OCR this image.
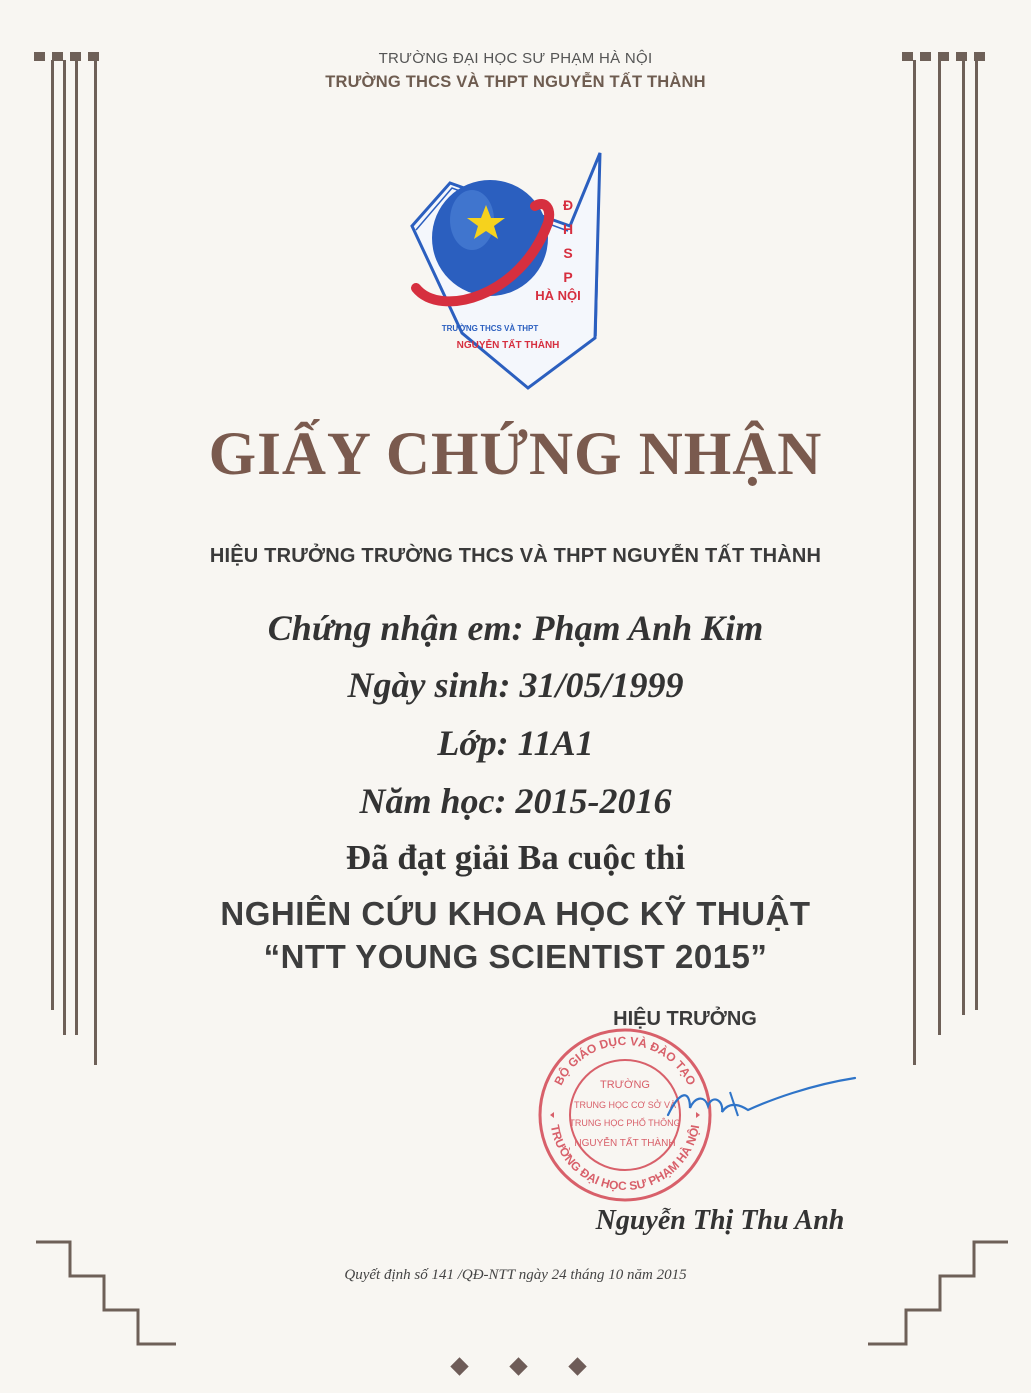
TRƯỜNG ĐẠI HỌC SƯ PHẠM HÀ NỘI
TRƯỜNG THCS VÀ THPT NGUYỄN TẤT THÀNH
Đ
H
S
P
HÀ NỘI
TRƯỜNG THCS VÀ THPT
NGUYỄN TẤT THÀNH
GIẤY CHỨNG NHẬN
HIỆU TRƯỞNG TRƯỜNG THCS VÀ THPT NGUYỄN TẤT THÀNH
Chứng nhận em: Phạm Anh Kim
Ngày sinh: 31/05/1999
Lớp: 11A1
Năm học: 2015-2016
Đã đạt giải Ba cuộc thi
NGHIÊN CỨU KHOA HỌC KỸ THUẬT
“NTT YOUNG SCIENTIST 2015”
HIỆU TRƯỞNG
BỘ GIÁO DỤC VÀ ĐÀO TẠO
TRƯỜNG ĐẠI HỌC SƯ PHẠM HÀ NỘI
TRƯỜNG
TRUNG HỌC CƠ SỞ VÀ
TRUNG HỌC PHỔ THÔNG
NGUYỄN TẤT THÀNH
Nguyễn Thị Thu Anh
Quyết định số 141 /QĐ-NTT ngày 24 tháng 10 năm 2015
